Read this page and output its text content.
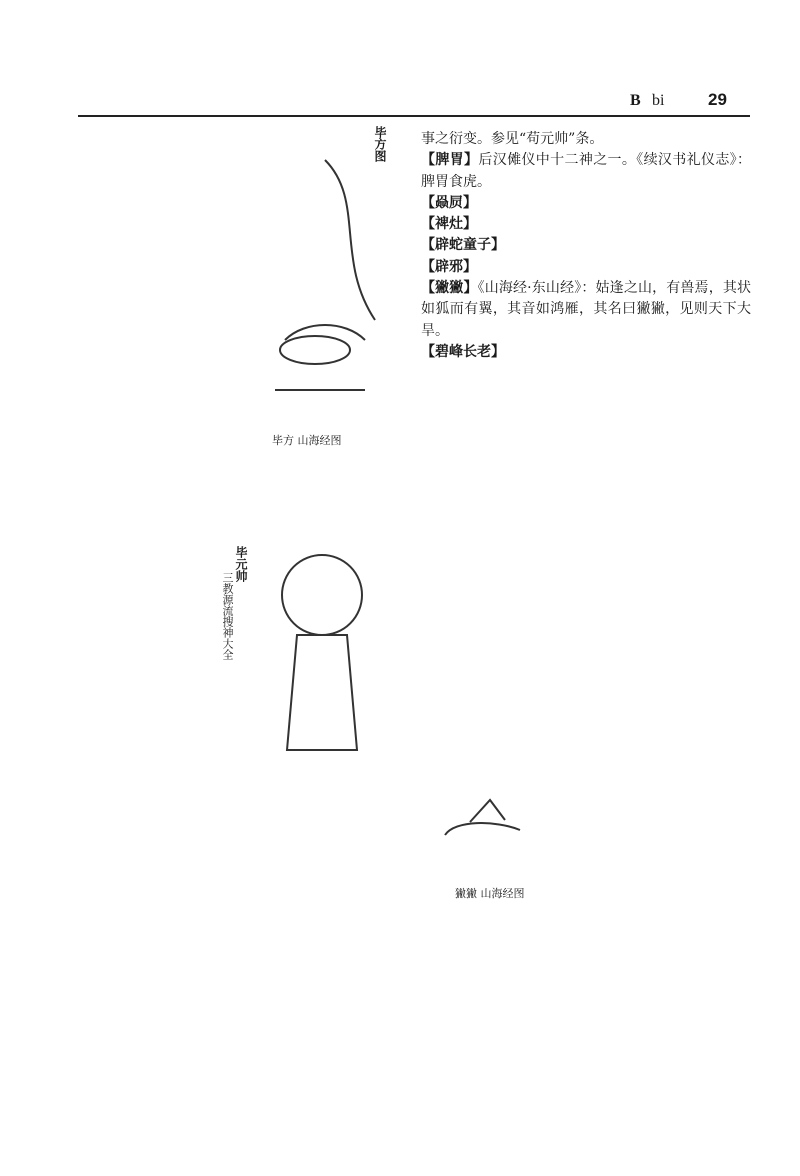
B bi	29
毕方图
毕方 山海经图
毕元帅
三教源流搜神大全
獙獙 山海经图

事之衍变。参见“苟元帅”条。

【脾胃】后汉傩仪中十二神之一。《续汉书礼仪志》：脾胃食虎。

【赑屃】

【禆灶】

【辟蛇童子】

【辟邪】

【獙獙】《山海经·东山经》：姑逢之山，有兽焉，其状如狐而有翼，其音如鸿雁，其名曰獙獙，见则天下大旱。

【碧峰长老】
